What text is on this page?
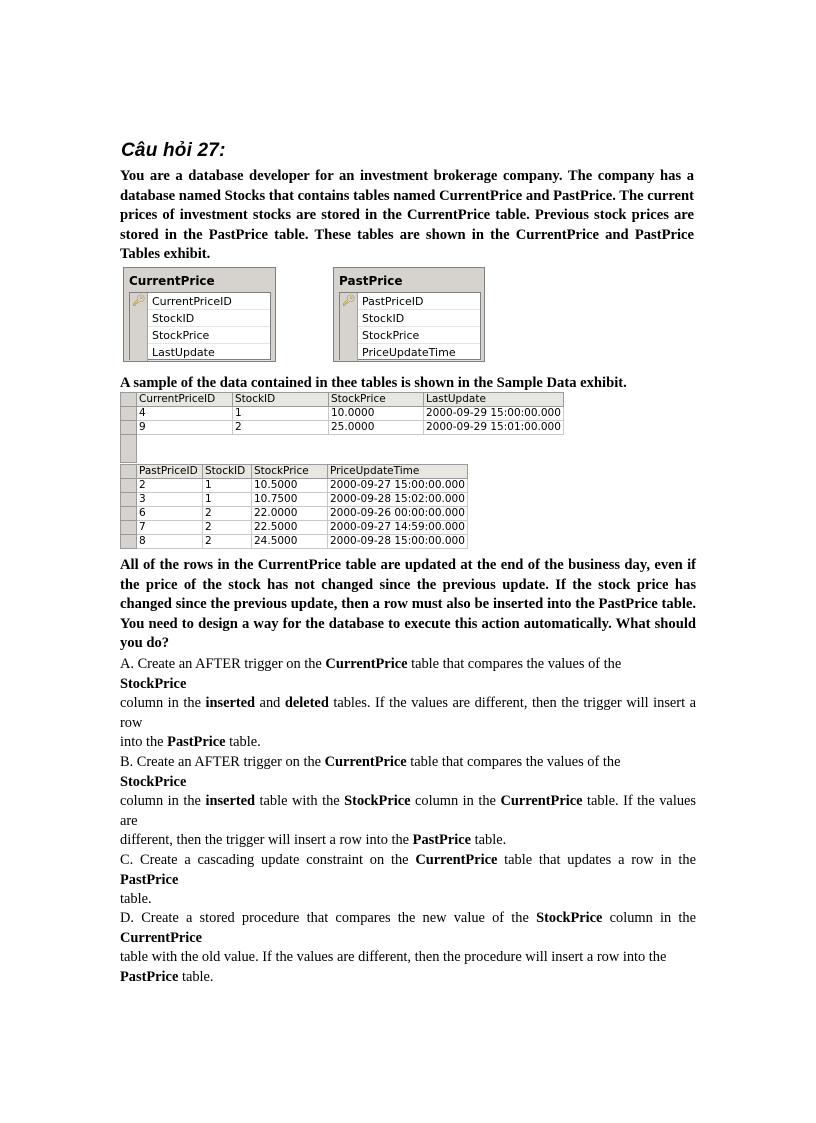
Câu hỏi 27:
You are a database developer for an investment brokerage company. The company has a database named Stocks that contains tables named CurrentPrice and PastPrice. The current prices of investment stocks are stored in the CurrentPrice table. Previous stock prices are stored in the PastPrice table. These tables are shown in the CurrentPrice and PastPrice Tables exhibit.
CurrentPrice
🔑︎ CurrentPriceID
StockID
StockPrice
LastUpdate
PastPrice
🔑︎ PastPriceID
StockID
StockPrice
PriceUpdateTime
A sample of the data contained in thee tables is shown in the Sample Data exhibit.
	CurrentPriceID	StockID	StockPrice	LastUpdate
	4	1	10.0000	2000-09-29 15:00:00.000
	9	2	25.0000	2000-09-29 15:01:00.000

	PastPriceID	StockID	StockPrice	PriceUpdateTime
	2	1	10.5000	2000-09-27 15:00:00.000
	3	1	10.7500	2000-09-28 15:02:00.000
	6	2	22.0000	2000-09-26 00:00:00.000
	7	2	22.5000	2000-09-27 14:59:00.000
	8	2	24.5000	2000-09-28 15:00:00.000
All of the rows in the CurrentPrice table are updated at the end of the business day, even if the price of the stock has not changed since the previous update. If the stock price has changed since the previous update, then a row must also be inserted into the PastPrice table. You need to design a way for the database to execute this action automatically. What should you do?
A. Create an AFTER trigger on the CurrentPrice table that compares the values of the
StockPrice
column in the inserted and deleted tables. If the values are different, then the trigger will insert a row
into the PastPrice table.
B. Create an AFTER trigger on the CurrentPrice table that compares the values of the
StockPrice
column in the inserted table with the StockPrice column in the CurrentPrice table. If the values are
different, then the trigger will insert a row into the PastPrice table.
C. Create a cascading update constraint on the CurrentPrice table that updates a row in the PastPrice
table.
D. Create a stored procedure that compares the new value of the StockPrice column in the CurrentPrice
table with the old value. If the values are different, then the procedure will insert a row into the
PastPrice table.
